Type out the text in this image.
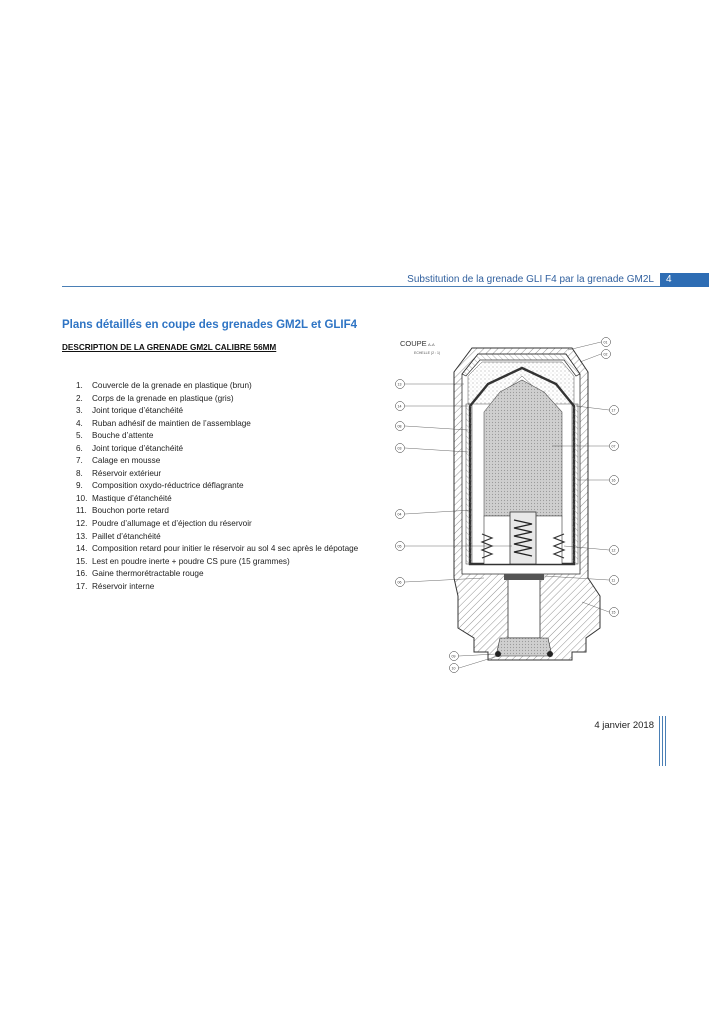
Substitution de la grenade GLI F4 par la grenade GM2L	4
Plans détaillés en coupe des grenades GM2L et GLIF4
DESCRIPTION DE LA GRENADE GM2L CALIBRE 56MM
1.	Couvercle de la grenade en plastique (brun)
2.	Corps de la grenade en plastique (gris)
3.	Joint torique d’étanchéité
4.	Ruban adhésif de maintien de l’assemblage
5.	Bouche d’attente
6.	Joint torique d’étanchéité
7.	Calage en mousse
8.	Réservoir extérieur
9.	Composition oxydo-réductrice déflagrante
10. Mastique d’étanchéité
11. Bouchon porte retard
12. Poudre d’allumage et d’éjection du réservoir
13. Paillet d’étanchéité
14. Composition retard pour initier le réservoir au sol 4 sec après le dépotage
15. Lest en poudre inerte + poudre CS pure (15 grammes)
16. Gaine thermorétractable rouge
17. Réservoir interne
COUPE A-A
ECHELLE (2 : 1)
01
02
17
07
16
12
11
15
13
14
08
03
04
05
06
09
10
4 janvier 2018
